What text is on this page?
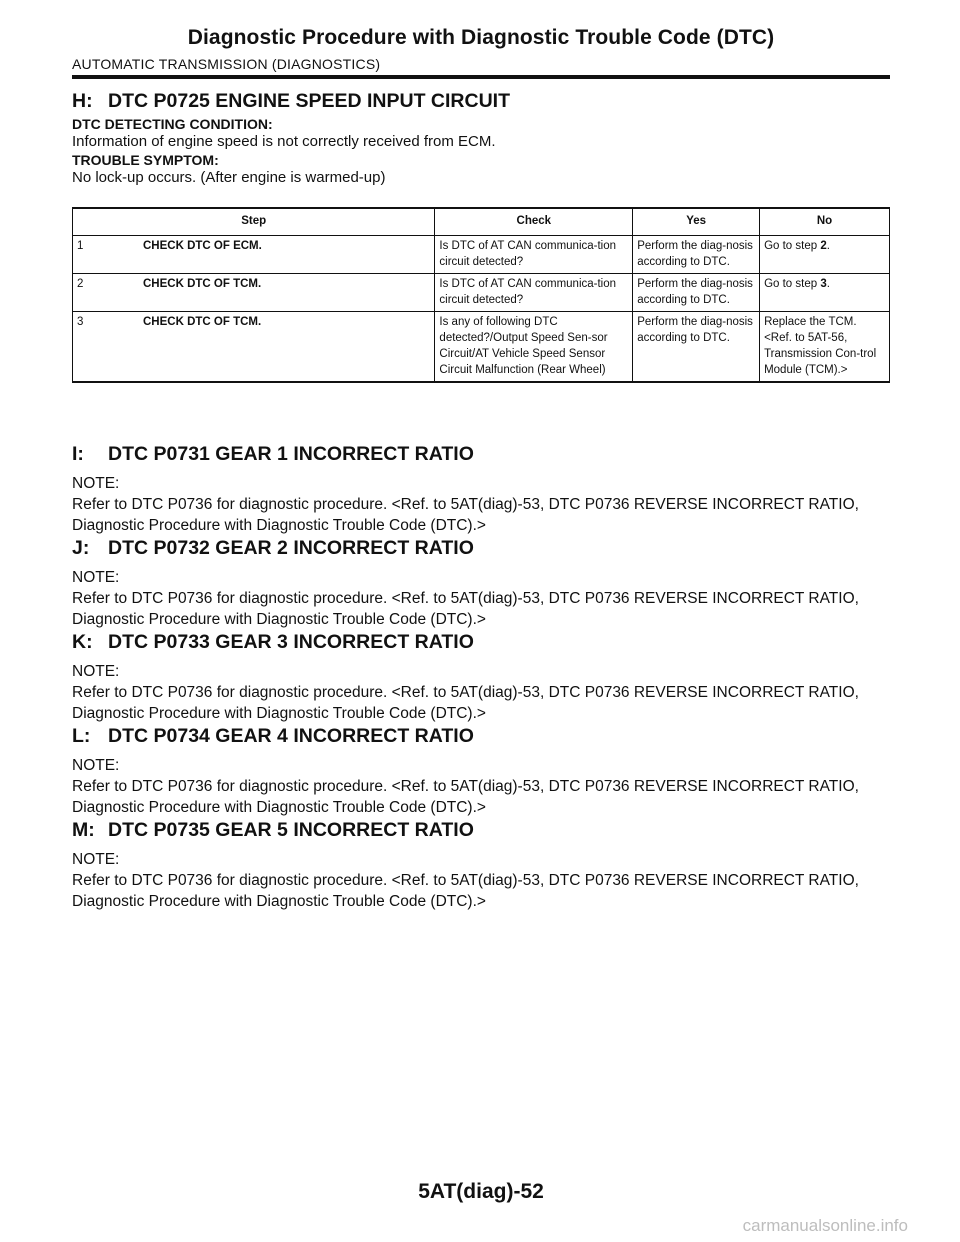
Diagnostic Procedure with Diagnostic Trouble Code (DTC)
AUTOMATIC TRANSMISSION (DIAGNOSTICS)
H: DTC P0725 ENGINE SPEED INPUT CIRCUIT
DTC DETECTING CONDITION:
Information of engine speed is not correctly received from ECM.
TROUBLE SYMPTOM:
No lock-up occurs. (After engine is warmed-up)
Step	Check	Yes	No
1 CHECK DTC OF ECM.	Is DTC of AT CAN communica-tion circuit detected?	Perform the diag-nosis according to DTC.	Go to step 2.
2 CHECK DTC OF TCM.	Is DTC of AT CAN communica-tion circuit detected?	Perform the diag-nosis according to DTC.	Go to step 3.
3 CHECK DTC OF TCM.	Is any of following DTC detected?/Output Speed Sen-sor Circuit/AT Vehicle Speed Sensor Circuit Malfunction (Rear Wheel)	Perform the diag-nosis according to DTC.	Replace the TCM. <Ref. to 5AT-56, Transmission Con-trol Module (TCM).>
I: DTC P0731 GEAR 1 INCORRECT RATIO
NOTE:
Refer to DTC P0736 for diagnostic procedure. <Ref. to 5AT(diag)-53, DTC P0736 REVERSE INCORRECT RATIO, Diagnostic Procedure with Diagnostic Trouble Code (DTC).>
J: DTC P0732 GEAR 2 INCORRECT RATIO
NOTE:
Refer to DTC P0736 for diagnostic procedure. <Ref. to 5AT(diag)-53, DTC P0736 REVERSE INCORRECT RATIO, Diagnostic Procedure with Diagnostic Trouble Code (DTC).>
K: DTC P0733 GEAR 3 INCORRECT RATIO
NOTE:
Refer to DTC P0736 for diagnostic procedure. <Ref. to 5AT(diag)-53, DTC P0736 REVERSE INCORRECT RATIO, Diagnostic Procedure with Diagnostic Trouble Code (DTC).>
L: DTC P0734 GEAR 4 INCORRECT RATIO
NOTE:
Refer to DTC P0736 for diagnostic procedure. <Ref. to 5AT(diag)-53, DTC P0736 REVERSE INCORRECT RATIO, Diagnostic Procedure with Diagnostic Trouble Code (DTC).>
M: DTC P0735 GEAR 5 INCORRECT RATIO
NOTE:
Refer to DTC P0736 for diagnostic procedure. <Ref. to 5AT(diag)-53, DTC P0736 REVERSE INCORRECT RATIO, Diagnostic Procedure with Diagnostic Trouble Code (DTC).>
5AT(diag)-52
carmanualsonline.info
